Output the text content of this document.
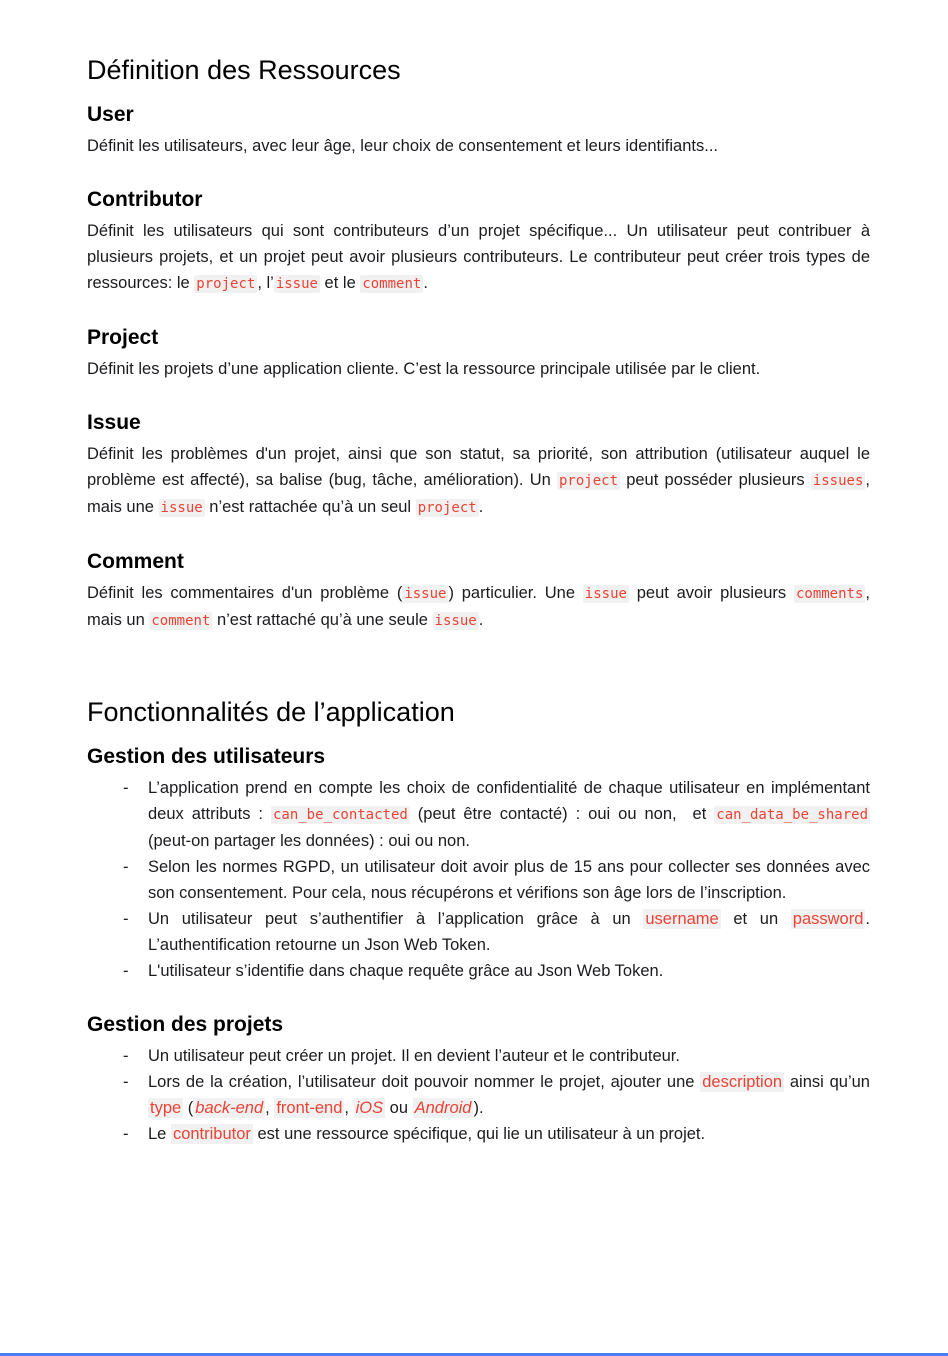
Définition des Ressources
User
Définit les utilisateurs, avec leur âge, leur choix de consentement et leurs identifiants...
Contributor
Définit les utilisateurs qui sont contributeurs d’un projet spécifique... Un utilisateur peut contribuer à plusieurs projets, et un projet peut avoir plusieurs contributeurs. Le contributeur peut créer trois types de ressources: le project , l’ issue et le comment .
Project
Définit les projets d’une application cliente. C’est la ressource principale utilisée par le client.
Issue
Définit les problèmes d'un projet, ainsi que son statut, sa priorité, son attribution (utilisateur auquel le problème est affecté), sa balise (bug, tâche, amélioration). Un project peut posséder plusieurs issues , mais une issue n’est rattachée qu’à un seul project .
Comment
Définit les commentaires d'un problème ( issue ) particulier. Une issue peut avoir plusieurs comments , mais un comment n’est rattaché qu’à une seule issue .
Fonctionnalités de l’application
Gestion des utilisateurs
- L’application prend en compte les choix de confidentialité de chaque utilisateur en implémentant deux attributs : can_be_contacted (peut être contacté) : oui ou non,  et can_data_be_shared (peut-on partager les données) : oui ou non.
- Selon les normes RGPD, un utilisateur doit avoir plus de 15 ans pour collecter ses données avec son consentement. Pour cela, nous récupérons et vérifions son âge lors de l’inscription.
- Un utilisateur peut s’authentifier à l’application grâce à un username et un password . L’authentification retourne un Json Web Token.
- L'utilisateur s’identifie dans chaque requête grâce au Json Web Token.
Gestion des projets
- Un utilisateur peut créer un projet. Il en devient l’auteur et le contributeur.
- Lors de la création, l’utilisateur doit pouvoir nommer le projet, ajouter une description ainsi qu’un type ( back-end , front-end , iOS ou Android ).
- Le contributor est une ressource spécifique, qui lie un utilisateur à un projet.
